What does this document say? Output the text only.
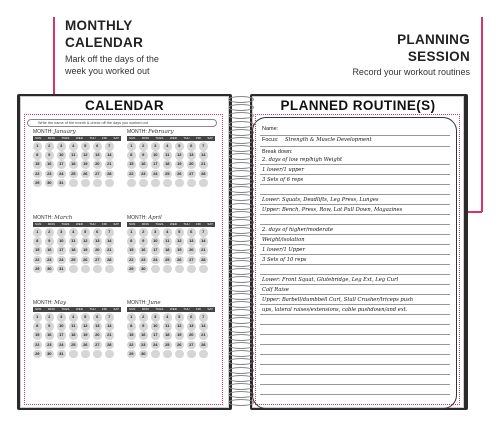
MONTHLY
CALENDAR
Mark off the days of the
week you worked out
PLANNING
SESSION
Record your workout routines
CALENDAR
Write the name of the month & check off the days you worked out
MONTH: January
SUN MON TUES WED THU FRI SAT
1	2	3	4	5	6	7
8	9	10	11	12	13	14
15	16	17	18	19	20	21
22	23	24	25	26	27	28
29	30	31
MONTH: February
SUN MON TUES WED THU FRI SAT
1	2	3	4	5	6	7
8	9	10	11	12	13	14
15	16	17	18	19	20	21
22	23	24	25	26	27	28
MONTH: March
SUN MON TUES WED THU FRI SAT
1	2	3	4	5	6	7
8	9	10	11	12	13	14
15	16	17	18	19	20	21
22	23	24	25	26	27	28
29	30	31
MONTH: April
SUN MON TUES WED THU FRI SAT
1	2	3	4	5	6	7
8	9	10	11	12	13	14
15	16	17	18	19	20	21
22	23	24	25	26	27	28
29	30
MONTH: May
SUN MON TUES WED THU FRI SAT
1	2	3	4	5	6	7
8	9	10	11	12	13	14
15	16	17	18	19	20	21
22	23	24	25	26	27	28
29	30	31
MONTH: June
SUN MON TUES WED THU FRI SAT
1	2	3	4	5	6	7
8	9	10	11	12	13	14
15	16	17	18	19	20	21
22	23	24	25	26	27	28
29	30
PLANNED ROUTINE(S)
Name:
Focus: Strength & Muscle Development
Break down:
2. days of low rep/high Weight
1 lower/1 upper
3 Sets of 6 reps
Lower: Squats, Deadlifts, Leg Press, Lunges
Upper: Bench, Press, Row, Lat Pull Down, Magazines
2. days of higher/moderate
Weight/isolation
1 lower/1 Upper
3 Sets of 10 reps
Lower: Front Squat, Glutebridge, Leg Ext, Leg Curl
Calf Raise
Upper: Barbell/dumbbell Curl, Stall Crusher/triceps push
ups, lateral raises/extensions, cable pushdown/and ext.
